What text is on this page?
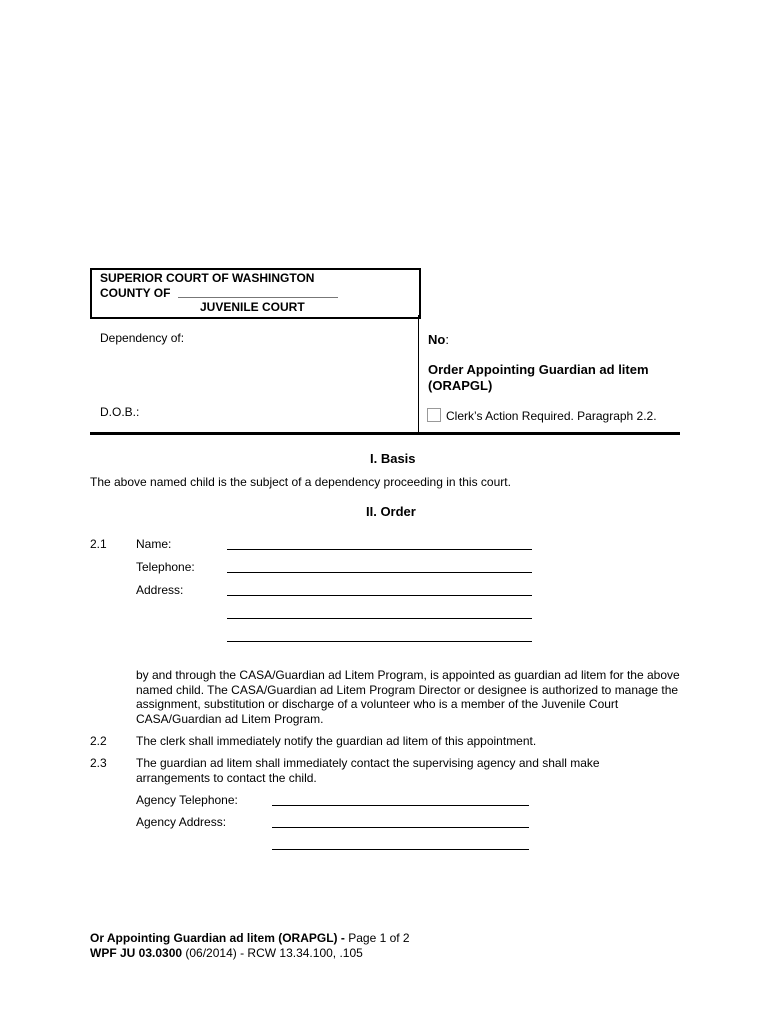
SUPERIOR COURT OF WASHINGTON
COUNTY OF
JUVENILE COURT
Dependency of:
D.O.B.:
No:
Order Appointing Guardian ad litem
(ORAPGL)
Clerk’s Action Required. Paragraph 2.2.
I. Basis
The above named child is the subject of a dependency proceeding in this court.
II. Order
2.1 Name:
Telephone:
Address:
by and through the CASA/Guardian ad Litem Program, is appointed as guardian ad litem for the above named child. The CASA/Guardian ad Litem Program Director or designee is authorized to manage the assignment, substitution or discharge of a volunteer who is a member of the Juvenile Court CASA/Guardian ad Litem Program.
2.2 The clerk shall immediately notify the guardian ad litem of this appointment.
2.3 The guardian ad litem shall immediately contact the supervising agency and shall make arrangements to contact the child.
Agency Telephone:
Agency Address:
Or Appointing Guardian ad litem (ORAPGL) - Page 1 of 2
WPF JU 03.0300 (06/2014) - RCW 13.34.100, .105
